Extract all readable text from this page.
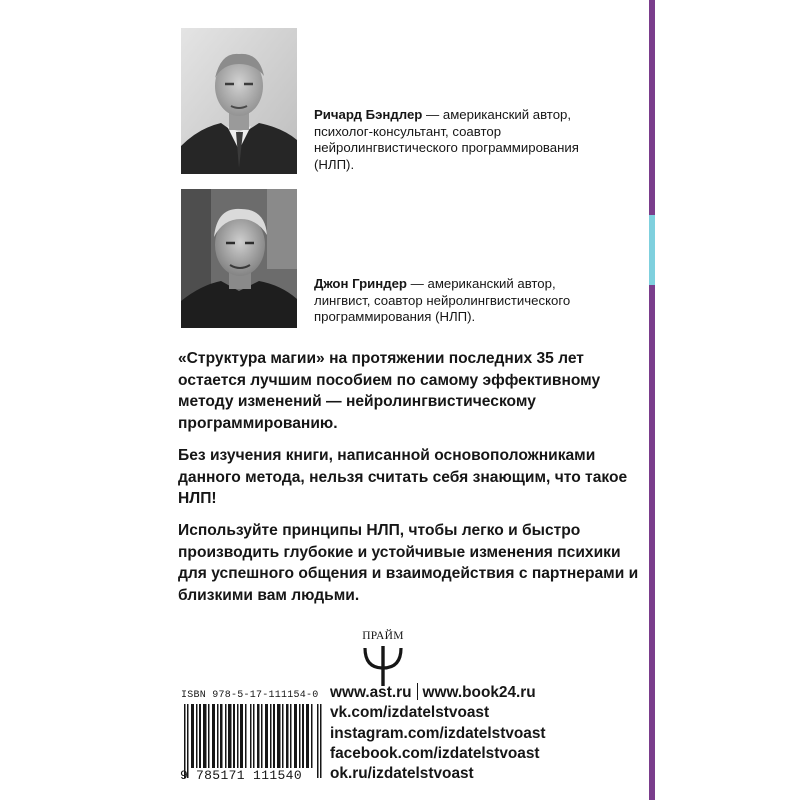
Ричард Бэндлер — американский автор, психолог-консультант, соавтор нейролингвистического программирования (НЛП).
Джон Гриндер — американский автор, лингвист, соавтор нейролингвистического программирования (НЛП).
«Структура магии» на протяжении последних 35 лет остается лучшим пособием по самому эффективному методу изменений — нейролингвистическому программированию.
Без изучения книги, написанной основоположниками данного метода, нельзя считать себя знающим, что такое НЛП!
Используйте принципы НЛП, чтобы легко и быстро производить глубокие и устойчивые изменения психики для успешного общения и взаимодействия с партнерами и близкими вам людьми.
ПРАЙМ
ISBN 978-5-17-111154-0
9 785171 111540
www.ast.ru www.book24.ru
vk.com/izdatelstvoast
instagram.com/izdatelstvoast
facebook.com/izdatelstvoast
ok.ru/izdatelstvoast
